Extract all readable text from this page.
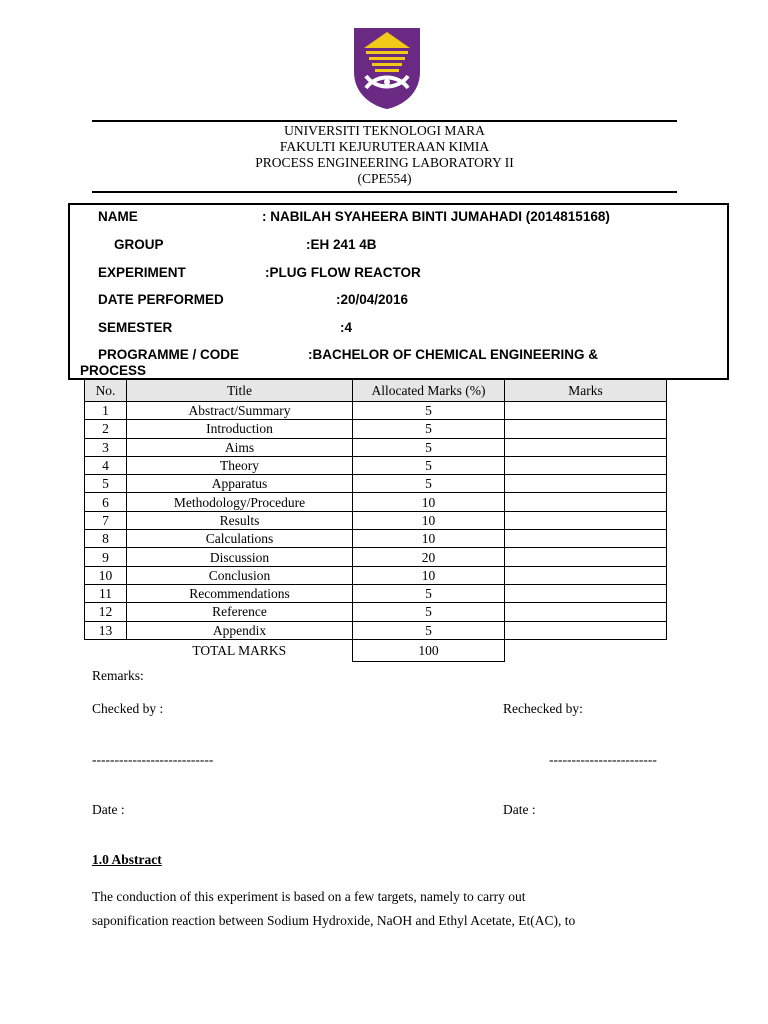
UNIVERSITI TEKNOLOGI MARA
FAKULTI KEJURUTERAAN KIMIA
PROCESS ENGINEERING LABORATORY II
(CPE554)
NAME	: NABILAH SYAHEERA BINTI JUMAHADI (2014815168)
GROUP	:EH 241 4B
EXPERIMENT	:PLUG FLOW REACTOR
DATE PERFORMED	:20/04/2016
SEMESTER	:4
PROGRAMME / CODE	:BACHELOR OF CHEMICAL ENGINEERING &
PROCESS
No.	Title	Allocated Marks (%)	Marks
1	Abstract/Summary	5	
2	Introduction	5	
3	Aims	5	
4	Theory	5	
5	Apparatus	5	
6	Methodology/Procedure	10	
7	Results	10	
8	Calculations	10	
9	Discussion	20	
10	Conclusion	10	
11	Recommendations	5	
12	Reference	5	
13	Appendix	5	
	TOTAL MARKS	100	
Remarks:
Checked by :	Rechecked by:
---------------------------	------------------------
Date :	Date :
1.0 Abstract
The conduction of this experiment is based on a few targets, namely to carry out
saponification reaction between Sodium Hydroxide, NaOH and Ethyl Acetate, Et(AC), to
